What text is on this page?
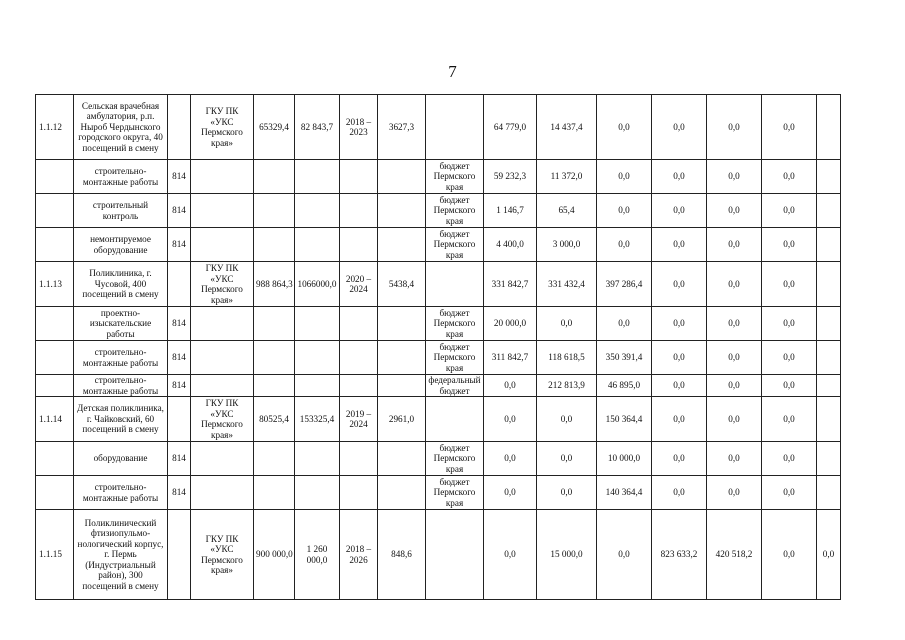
7
1.1.12	Сельская врачебная амбулатория, р.п. Ныроб Чердынского городского округа, 40 посещений в смену		ГКУ ПК «УКС Пермского края»	65329,4	82 843,7	2018 – 2023	3627,3		64 779,0	14 437,4	0,0	0,0	0,0	0,0	
	строительно-монтажные работы	814						бюджет Пермского края	59 232,3	11 372,0	0,0	0,0	0,0	0,0	
	строительный контроль	814						бюджет Пермского края	1 146,7	65,4	0,0	0,0	0,0	0,0	
	немонтируемое оборудование	814						бюджет Пермского края	4 400,0	3 000,0	0,0	0,0	0,0	0,0	
1.1.13	Поликлиника, г. Чусовой, 400 посещений в смену		ГКУ ПК «УКС Пермского края»	988 864,3	1066000,0	2020 – 2024	5438,4		331 842,7	331 432,4	397 286,4	0,0	0,0	0,0	
	проектно-изыскательские работы	814						бюджет Пермского края	20 000,0	0,0	0,0	0,0	0,0	0,0	
	строительно-монтажные работы	814						бюджет Пермского края	311 842,7	118 618,5	350 391,4	0,0	0,0	0,0	
	строительно-монтажные работы	814						федеральный бюджет	0,0	212 813,9	46 895,0	0,0	0,0	0,0	
1.1.14	Детская поликлиника, г. Чайковский, 60 посещений в смену		ГКУ ПК «УКС Пермского края»	80525,4	153325,4	2019 – 2024	2961,0		0,0	0,0	150 364,4	0,0	0,0	0,0	
	оборудование	814						бюджет Пермского края	0,0	0,0	10 000,0	0,0	0,0	0,0	
	строительно-монтажные работы	814						бюджет Пермского края	0,0	0,0	140 364,4	0,0	0,0	0,0	
1.1.15	Поликлинический фтизиопульмо-нологический корпус, г. Пермь (Индустриальный район), 300 посещений в смену		ГКУ ПК «УКС Пермского края»	900 000,0	1 260 000,0	2018 – 2026	848,6		0,0	15 000,0	0,0	823 633,2	420 518,2	0,0	0,0
